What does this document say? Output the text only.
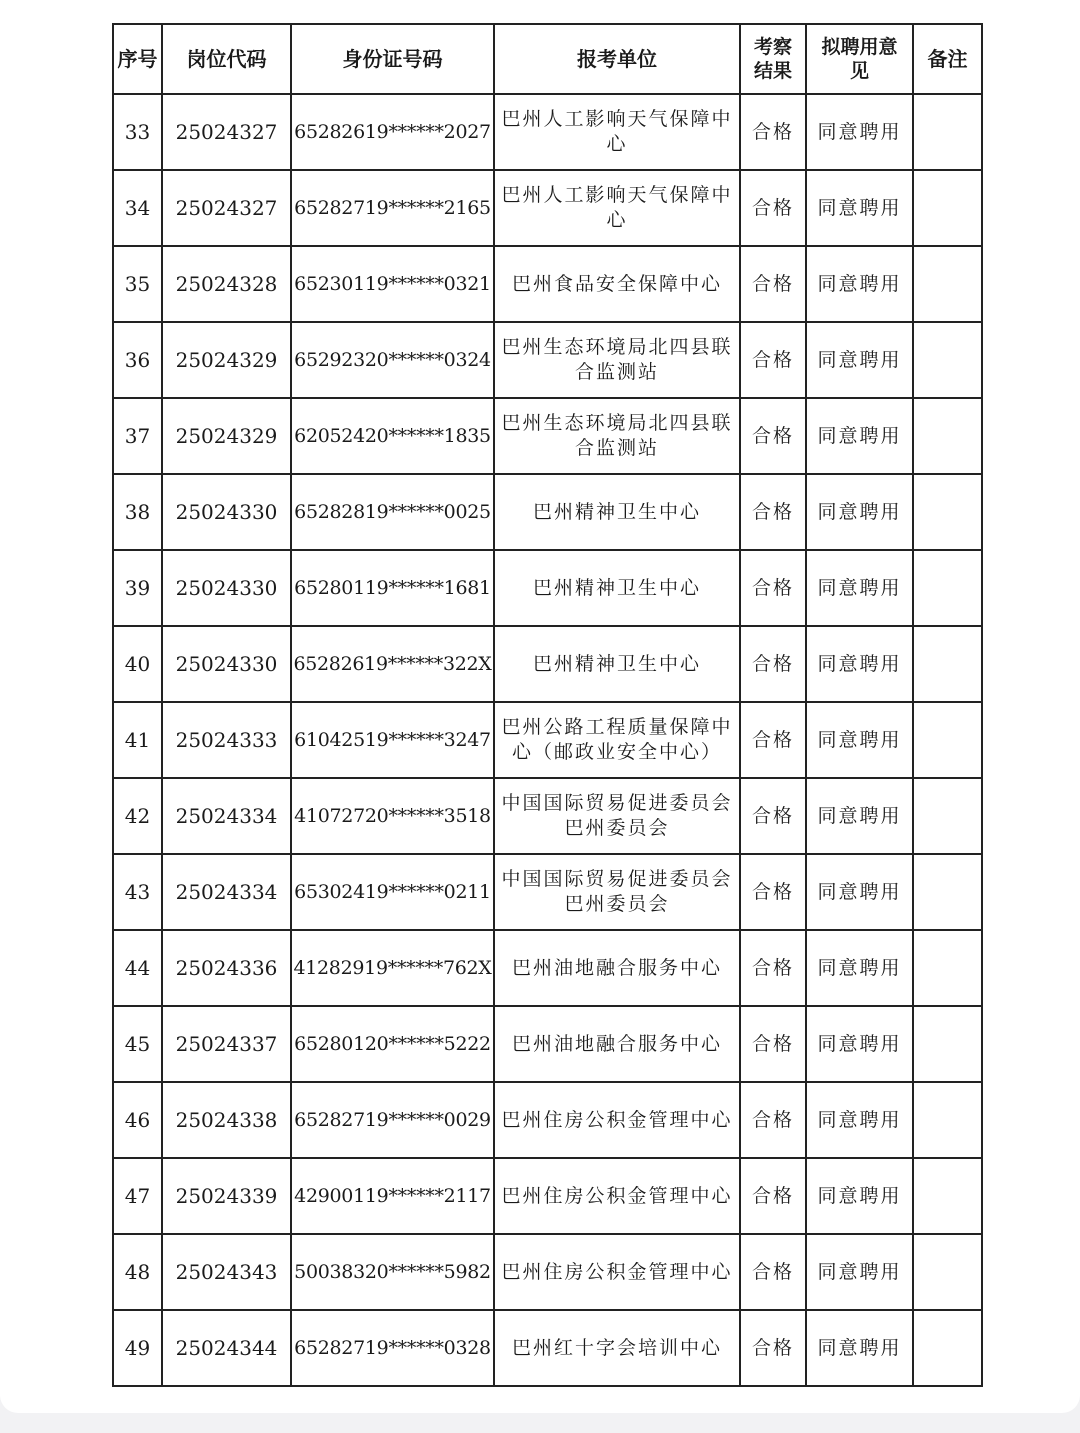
序号	岗位代码	身份证号码	报考单位	考察结果	拟聘用意见	备注
33	25024327	65282619******2027	巴州人工影响天气保障中心	合格	同意聘用	
34	25024327	65282719******2165	巴州人工影响天气保障中心	合格	同意聘用	
35	25024328	65230119******0321	巴州食品安全保障中心	合格	同意聘用	
36	25024329	65292320******0324	巴州生态环境局北四县联合监测站	合格	同意聘用	
37	25024329	62052420******1835	巴州生态环境局北四县联合监测站	合格	同意聘用	
38	25024330	65282819******0025	巴州精神卫生中心	合格	同意聘用	
39	25024330	65280119******1681	巴州精神卫生中心	合格	同意聘用	
40	25024330	65282619******322X	巴州精神卫生中心	合格	同意聘用	
41	25024333	61042519******3247	巴州公路工程质量保障中心（邮政业安全中心）	合格	同意聘用	
42	25024334	41072720******3518	中国国际贸易促进委员会巴州委员会	合格	同意聘用	
43	25024334	65302419******0211	中国国际贸易促进委员会巴州委员会	合格	同意聘用	
44	25024336	41282919******762X	巴州油地融合服务中心	合格	同意聘用	
45	25024337	65280120******5222	巴州油地融合服务中心	合格	同意聘用	
46	25024338	65282719******0029	巴州住房公积金管理中心	合格	同意聘用	
47	25024339	42900119******2117	巴州住房公积金管理中心	合格	同意聘用	
48	25024343	50038320******5982	巴州住房公积金管理中心	合格	同意聘用	
49	25024344	65282719******0328	巴州红十字会培训中心	合格	同意聘用	
